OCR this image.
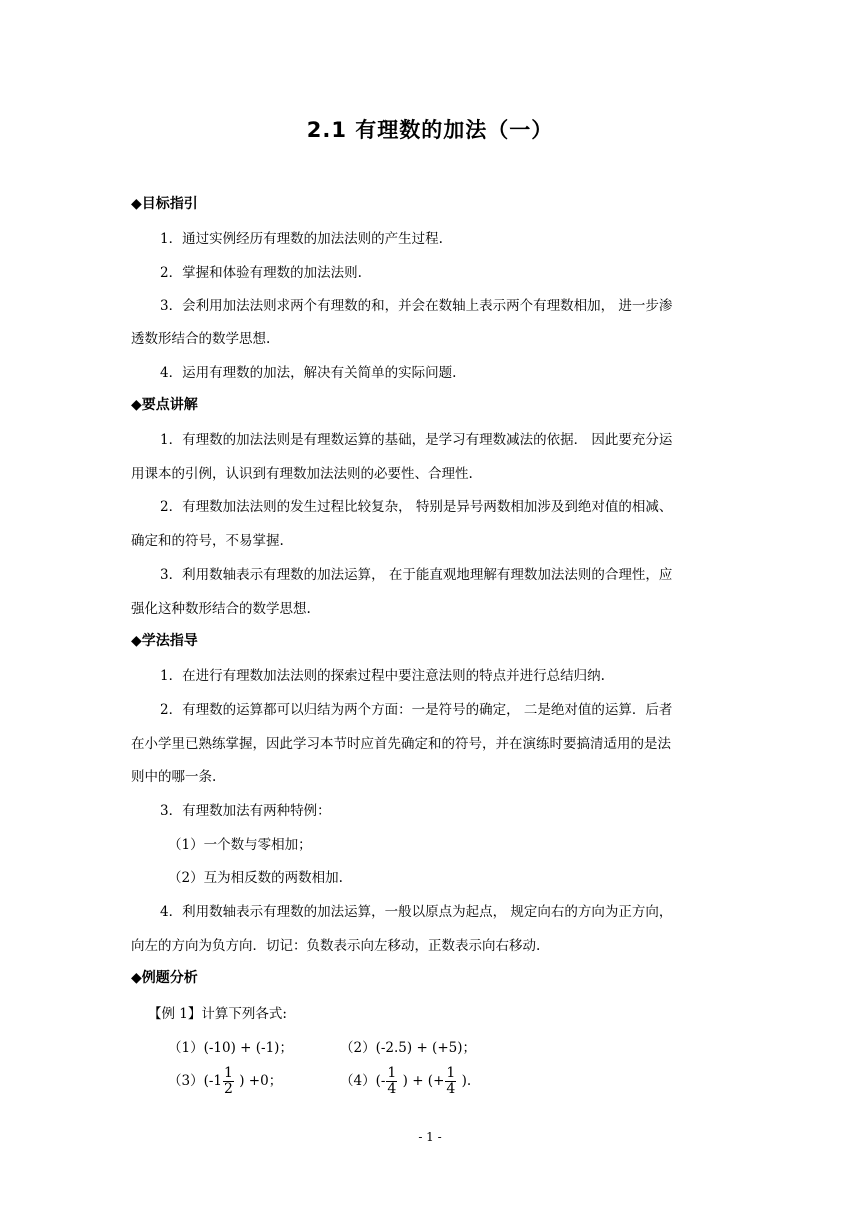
2.1 有理数的加法（一）
◆目标指引
1．通过实例经历有理数的加法法则的产生过程.
2．掌握和体验有理数的加法法则.
3．会利用加法法则求两个有理数的和，并会在数轴上表示两个有理数相加， 进一步渗
透数形结合的数学思想.
4．运用有理数的加法，解决有关简单的实际问题.
◆要点讲解
1．有理数的加法法则是有理数运算的基础，是学习有理数减法的依据． 因此要充分运
用课本的引例，认识到有理数加法法则的必要性、合理性.
2．有理数加法法则的发生过程比较复杂， 特别是异号两数相加涉及到绝对值的相减、
确定和的符号，不易掌握.
3．利用数轴表示有理数的加法运算， 在于能直观地理解有理数加法法则的合理性，应
强化这种数形结合的数学思想.
◆学法指导
1．在进行有理数加法法则的探索过程中要注意法则的特点并进行总结归纳.
2．有理数的运算都可以归结为两个方面：一是符号的确定， 二是绝对值的运算．后者
在小学里已熟练掌握，因此学习本节时应首先确定和的符号，并在演练时要搞清适用的是法
则中的哪一条.
3．有理数加法有两种特例：
（1）一个数与零相加；
（2）互为相反数的两数相加.
4．利用数轴表示有理数的加法运算，一般以原点为起点， 规定向右的方向为正方向，
向左的方向为负方向．切记：负数表示向左移动，正数表示向右移动.
◆例题分析
【例 1】计算下列各式:
（1）(-10) + (-1)；	（2）(-2.5) + (+5)；
$(3)(-1 \frac{1}{2}$ ) +0；	$(4)(- \frac{1}{4}$ ) + (+ $\frac{1}{4}$ ).
- 1 -
